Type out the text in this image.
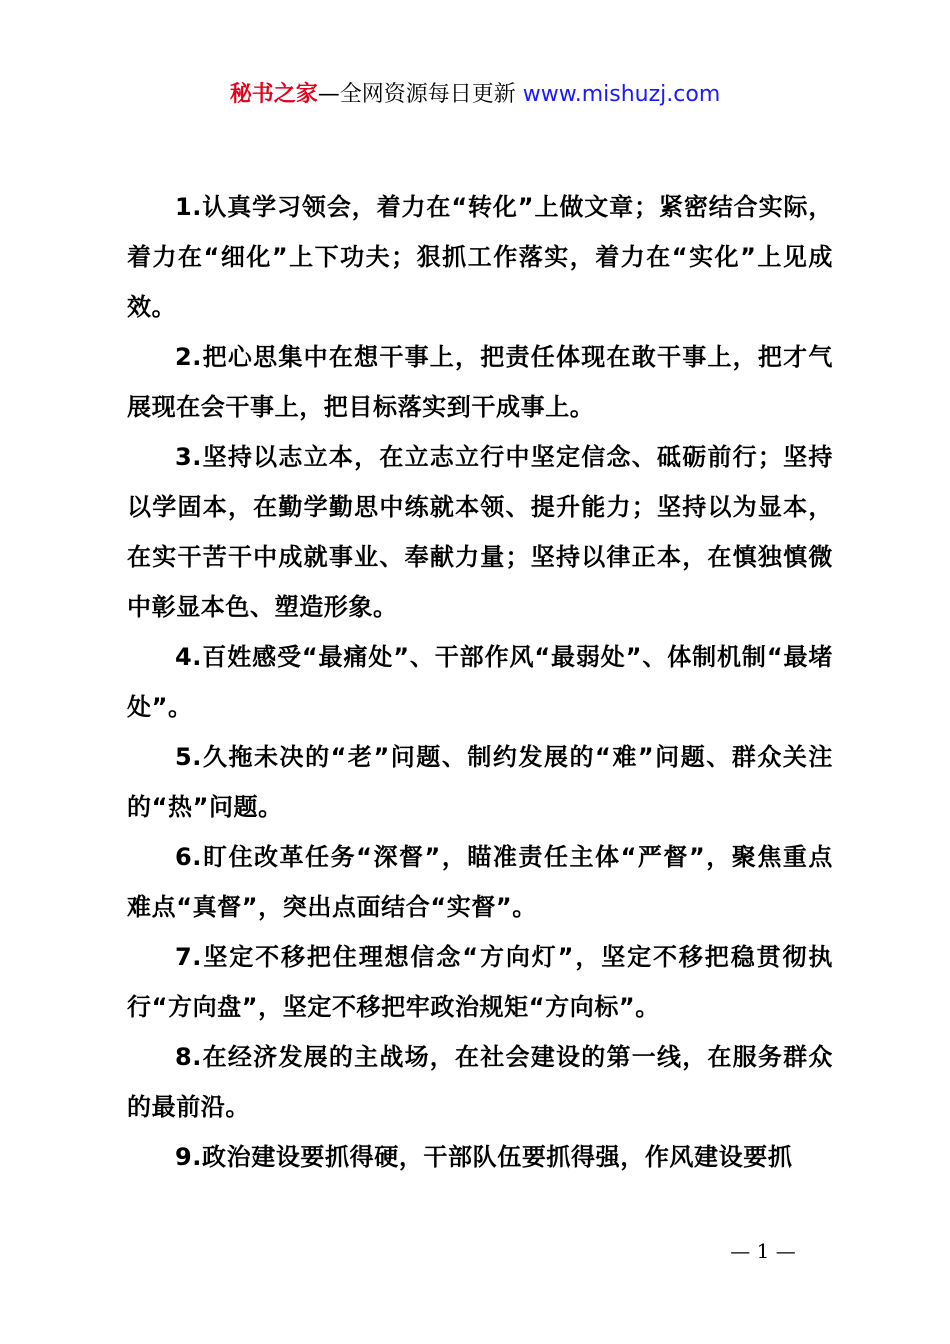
秘书之家—全网资源每日更新 www.mishuzj.com

1.认真学习领会，着力在“转化”上做文章；紧密结合实际，着力在“细化”上下功夫；狠抓工作落实，着力在“实化”上见成效。

2.把心思集中在想干事上，把责任体现在敢干事上，把才气展现在会干事上，把目标落实到干成事上。

3.坚持以志立本，在立志立行中坚定信念、砥砺前行；坚持以学固本，在勤学勤思中练就本领、提升能力；坚持以为显本，在实干苦干中成就事业、奉献力量；坚持以律正本，在慎独慎微中彰显本色、塑造形象。

4.百姓感受“最痛处”、干部作风“最弱处”、体制机制“最堵处”。

5.久拖未决的“老”问题、制约发展的“难”问题、群众关注的“热”问题。

6.盯住改革任务“深督”，瞄准责任主体“严督”，聚焦重点难点“真督”，突出点面结合“实督”。

7.坚定不移把住理想信念“方向灯”，坚定不移把稳贯彻执行“方向盘”，坚定不移把牢政治规矩“方向标”。

8.在经济发展的主战场，在社会建设的第一线，在服务群众的最前沿。

9.政治建设要抓得硬，干部队伍要抓得强，作风建设要抓

— 1 —
